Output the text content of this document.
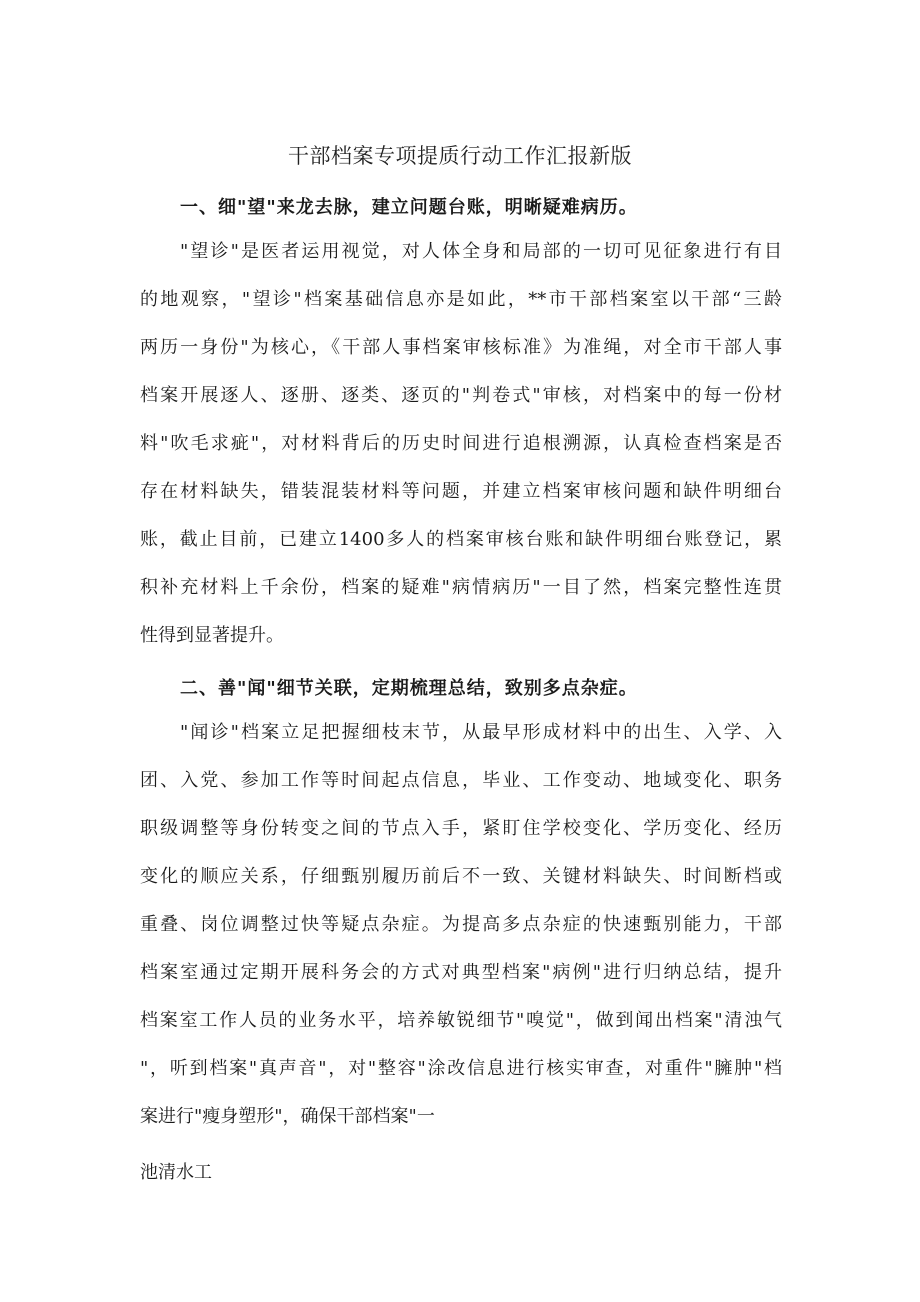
干部档案专项提质行动工作汇报新版
一、细"望"来龙去脉，建立问题台账，明晰疑难病历。
"望诊"是医者运用视觉，对人体全身和局部的一切可见征象进行有目
的地观察，"望诊"档案基础信息亦是如此，**市干部档案室以干部“三龄
两历一身份"为核心，《干部人事档案审核标准》为准绳，对全市干部人事
档案开展逐人、逐册、逐类、逐页的"判卷式"审核，对档案中的每一份材
料"吹毛求疵"，对材料背后的历史时间进行追根溯源，认真检查档案是否
存在材料缺失，错装混装材料等问题，并建立档案审核问题和缺件明细台
账，截止目前，已建立1400多人的档案审核台账和缺件明细台账登记，累
积补充材料上千余份，档案的疑难"病情病历"一目了然，档案完整性连贯
性得到显著提升。
二、善"闻"细节关联，定期梳理总结，致别多点杂症。
"闻诊"档案立足把握细枝末节，从最早形成材料中的出生、入学、入
团、入党、参加工作等时间起点信息，毕业、工作变动、地域变化、职务
职级调整等身份转变之间的节点入手，紧盯住学校变化、学历变化、经历
变化的顺应关系，仔细甄别履历前后不一致、关键材料缺失、时间断档或
重叠、岗位调整过快等疑点杂症。为提高多点杂症的快速甄别能力，干部
档案室通过定期开展科务会的方式对典型档案"病例"进行归纳总结，提升
档案室工作人员的业务水平，培养敏锐细节"嗅觉"，做到闻出档案"清浊气
"，听到档案"真声音"，对"整容"涂改信息进行核实审查，对重件"臃肿"档
案进行"瘦身塑形"，确保干部档案"一
池清水工
